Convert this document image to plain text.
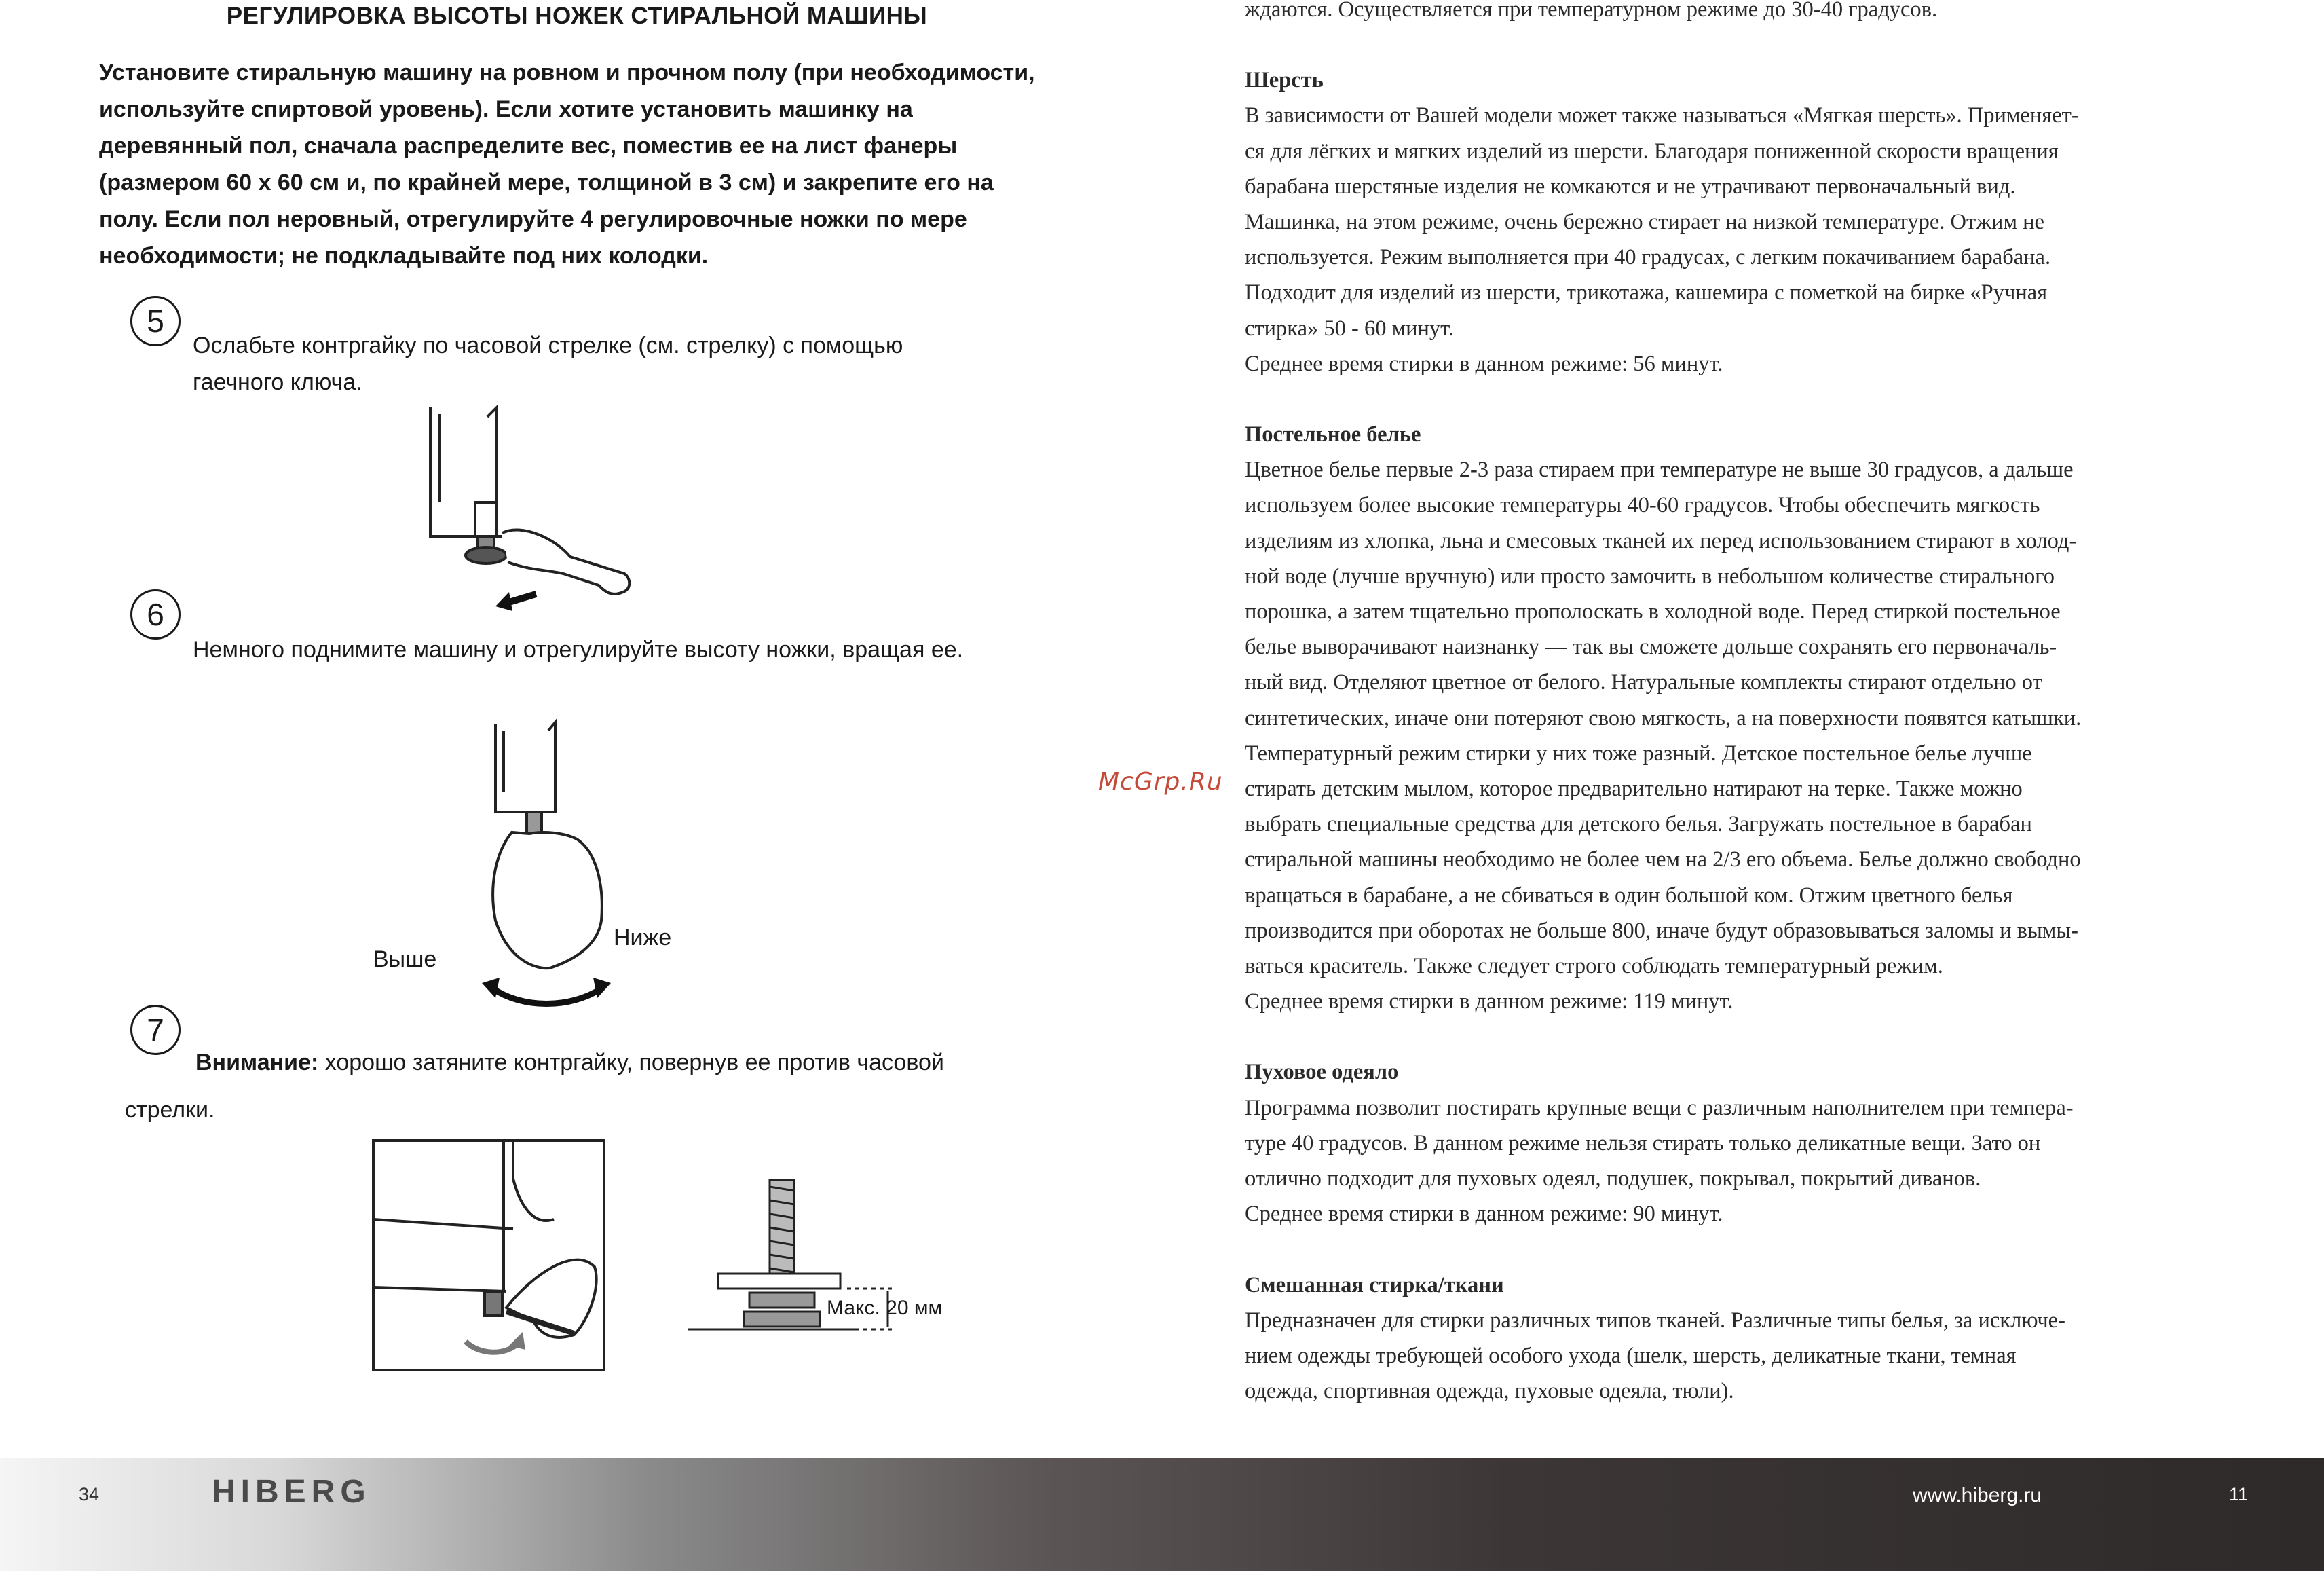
РЕГУЛИРОВКА ВЫСОТЫ НОЖЕК СТИРАЛЬНОЙ МАШИНЫ
Установите стиральную машину на ровном и прочном полу (при необходимости,
используйте спиртовой уровень). Если хотите установить машинку на
деревянный пол, сначала распределите вес, поместив ее на лист фанеры
(размером 60 x 60 см и, по крайней мере, толщиной в 3 см) и закрепите его на
полу. Если пол неровный, отрегулируйте 4 регулировочные ножки по мере
необходимости; не подкладывайте под них колодки.
5
Ослабьте контргайку по часовой стрелке (см. стрелку) с помощью
гаечного ключа.
6
Немного поднимите машину и отрегулируйте высоту ножки, вращая ее.
Выше
Ниже
7
Внимание: хорошо затяните контргайку, повернув ее против часовой
стрелки.
Макс. 20 мм

ждаются. Осуществляется при температурном режиме до 30-40 градусов.

Шерсть

В зависимости от Вашей модели может также называться «Мягкая шерсть». Применяет-

ся для лёгких и мягких изделий из шерсти. Благодаря пониженной скорости вращения

барабана шерстяные изделия не комкаются и не утрачивают первоначальный вид.

Машинка, на этом режиме, очень бережно стирает на низкой температуре. Отжим не

используется. Режим выполняется при 40 градусах, с легким покачиванием барабана.

Подходит для изделий из шерсти, трикотажа, кашемира с пометкой на бирке «Ручная

стирка» 50 - 60 минут.

Среднее время стирки в данном режиме: 56 минут.

Постельное белье

Цветное белье первые 2-3 раза стираем при температуре не выше 30 градусов, а дальше

используем более высокие температуры 40-60 градусов. Чтобы обеспечить мягкость

изделиям из хлопка, льна и смесовых тканей их перед использованием стирают в холод-

ной воде (лучше вручную) или просто замочить в небольшом количестве стирального

порошка, а затем тщательно прополоскать в холодной воде. Перед стиркой постельное

белье выворачивают наизнанку — так вы сможете дольше сохранять его первоначаль-

ный вид. Отделяют цветное от белого. Натуральные комплекты стирают отдельно от

синтетических, иначе они потеряют свою мягкость, а на поверхности появятся катышки.

Температурный режим стирки у них тоже разный. Детское постельное белье лучше

стирать детским мылом, которое предварительно натирают на терке. Также можно

выбрать специальные средства для детского белья. Загружать постельное в барабан

стиральной машины необходимо не более чем на 2/3 его объема. Белье должно свободно

вращаться в барабане, а не сбиваться в один большой ком. Отжим цветного белья

производится при оборотах не больше 800, иначе будут образовываться заломы и вымы-

ваться краситель. Также следует строго соблюдать температурный режим.

Среднее время стирки в данном режиме: 119 минут.

Пуховое одеяло

Программа позволит постирать крупные вещи с различным наполнителем при темпера-

туре 40 градусов. В данном режиме нельзя стирать только деликатные вещи. Зато он

отлично подходит для пуховых одеял, подушек, покрывал, покрытий диванов.

Среднее время стирки в данном режиме: 90 минут.

Смешанная стирка/ткани

Предназначен для стирки различных типов тканей. Различные типы белья, за исключе-

нием одежды требующей особого ухода (шелк, шерсть, деликатные ткани, темная

одежда, спортивная одежда, пуховые одеяла, тюли).

McGrp.Ru
34	HIBERG	www.hiberg.ru	11
